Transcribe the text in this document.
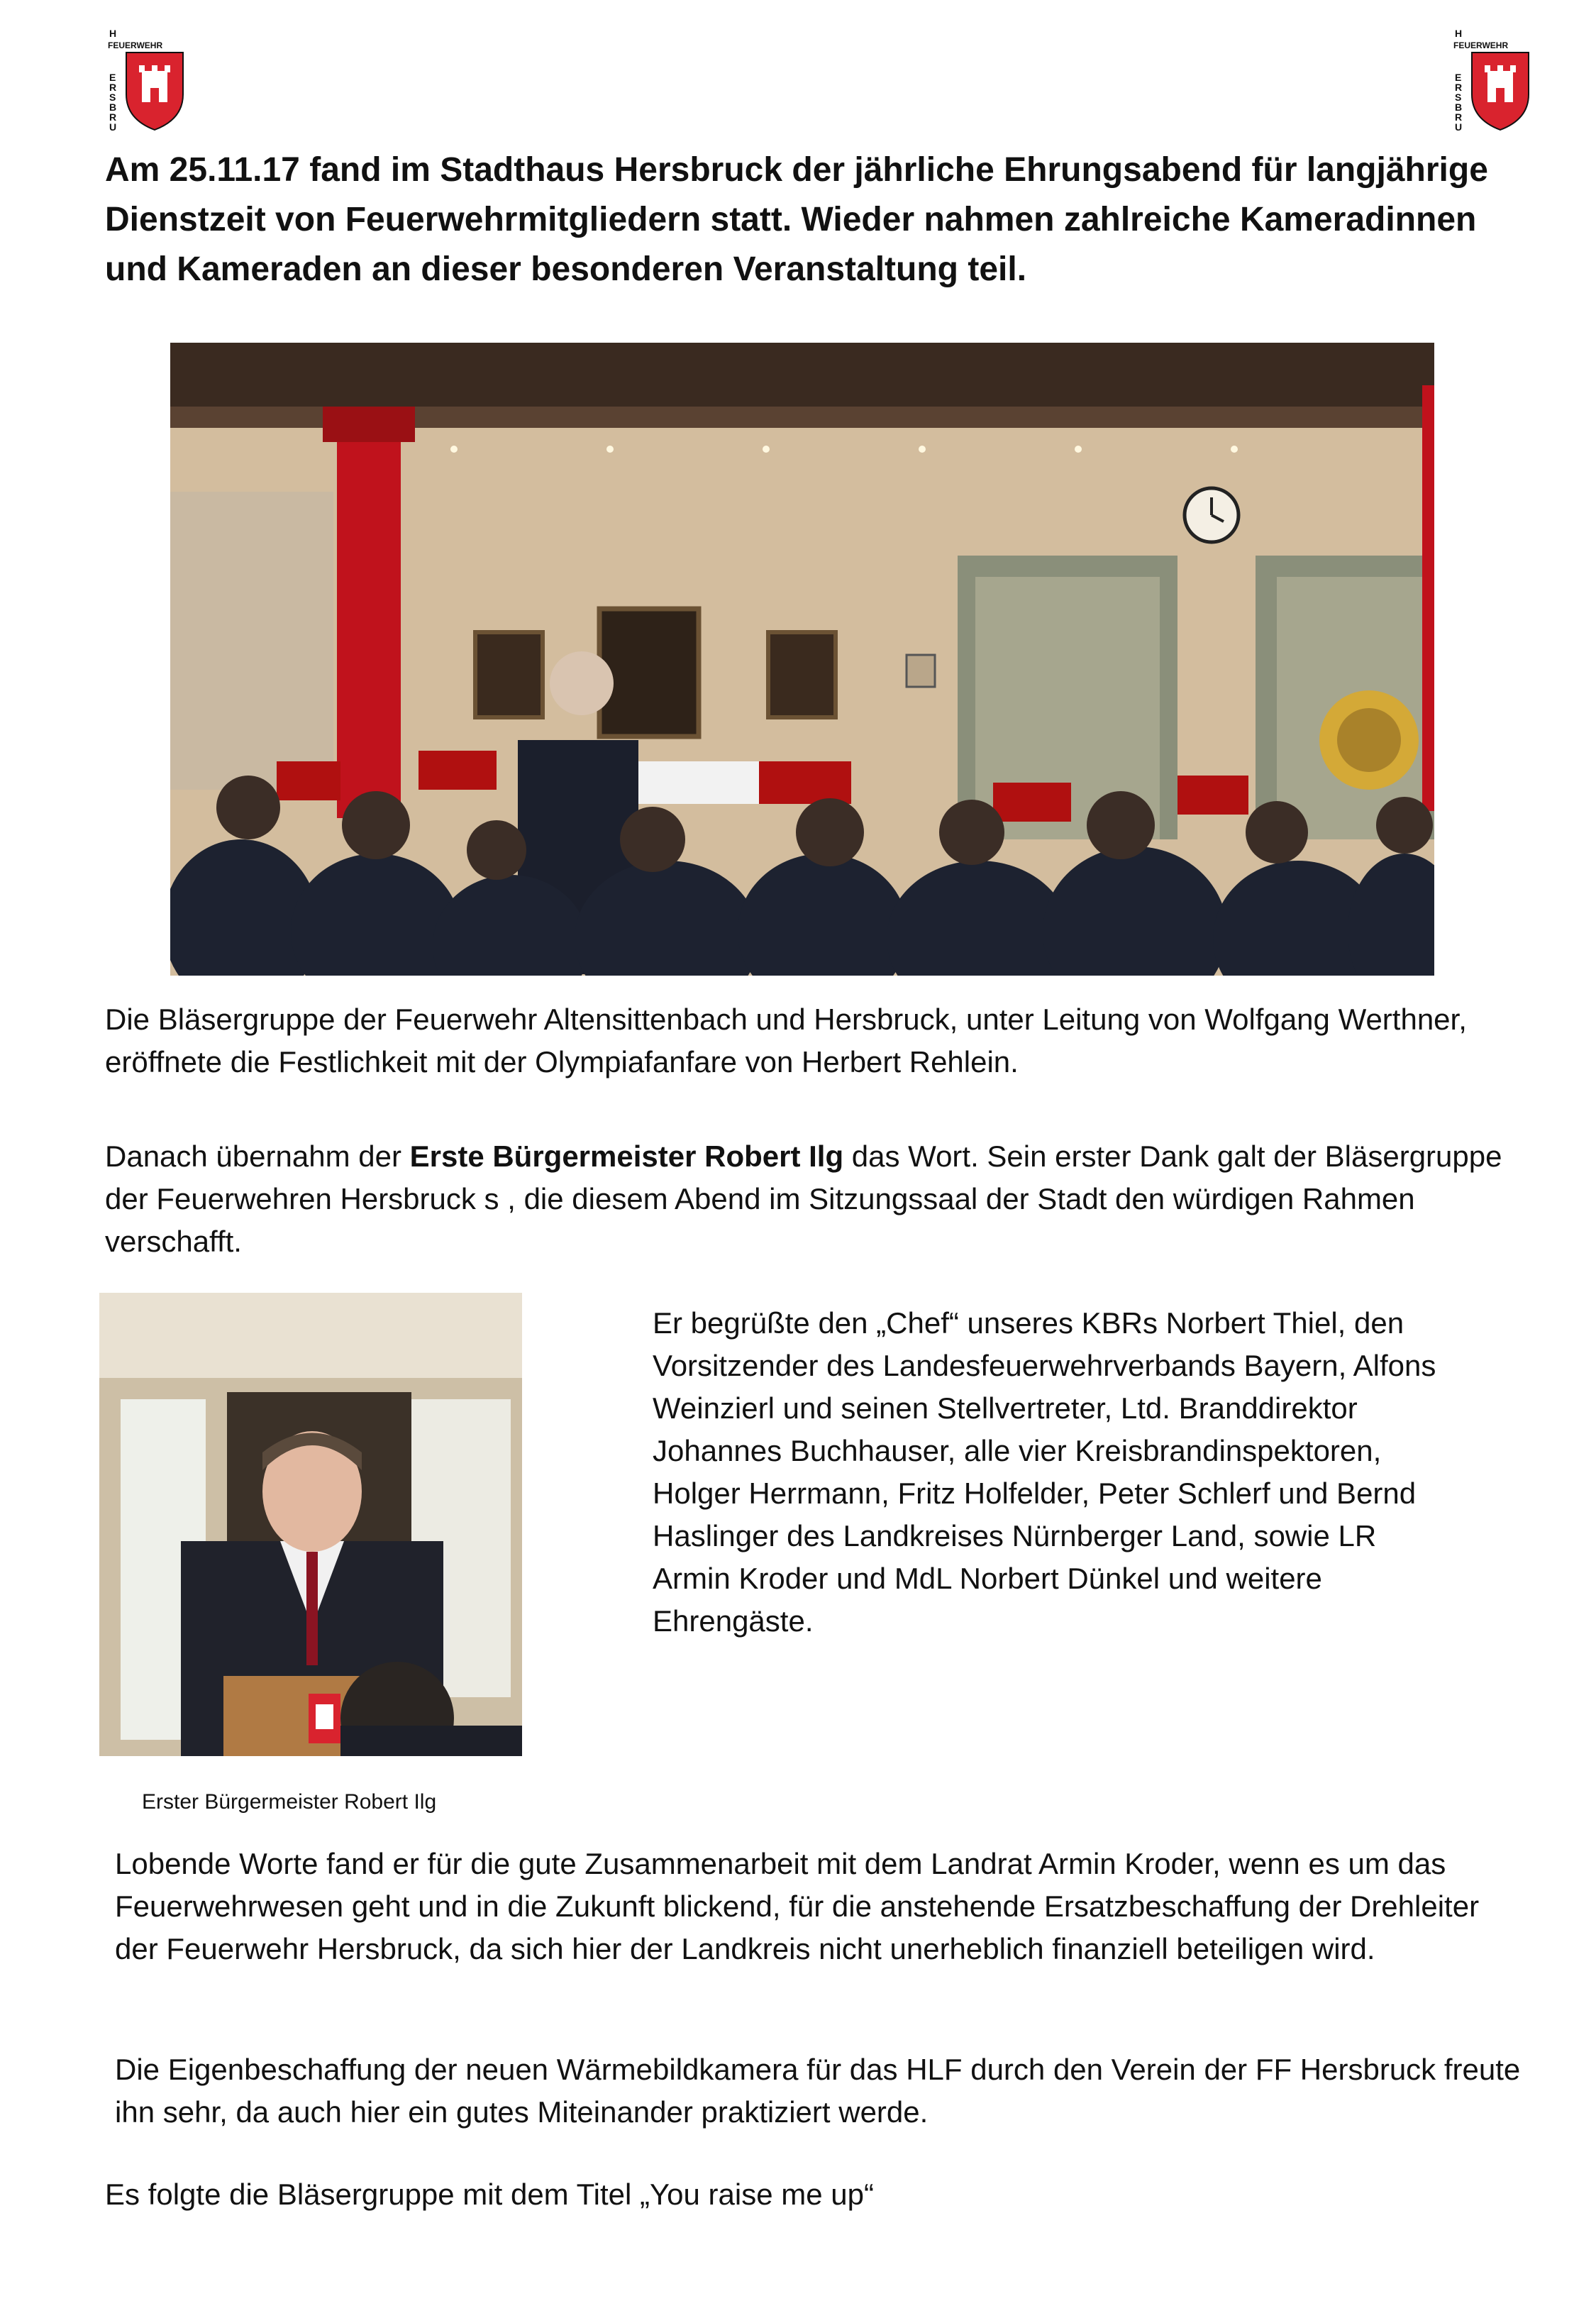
H
E
R
S
B
R
U
FEUERWEHR
H
E
R
S
B
R
U
FEUERWEHR
Am 25.11.17 fand im Stadthaus Hersbruck der jährliche Ehrungsabend für langjährige Dienstzeit von Feuerwehrmitgliedern statt. Wieder nahmen zahlreiche Kameradinnen und Kameraden an dieser besonderen Veranstaltung teil.

Die Bläsergruppe der Feuerwehr Altensittenbach und Hersbruck, unter Leitung von Wolfgang Werthner, eröffnete die Festlichkeit mit der Olympiafanfare von Herbert Rehlein.

Danach übernahm der Erste Bürgermeister Robert Ilg das Wort. Sein erster Dank galt der Bläsergruppe der Feuerwehren Hersbruck s , die diesem Abend im Sitzungssaal der Stadt den würdigen Rahmen verschafft.

Er begrüßte den „Chef“ unseres KBRs Norbert Thiel, den Vorsitzender des Landesfeuerwehrverbands Bayern, Alfons Weinzierl und seinen Stellvertreter, Ltd. Branddirektor Johannes Buchhauser, alle vier Kreisbrandinspektoren, Holger Herrmann, Fritz Holfelder, Peter Schlerf und Bernd Haslinger des Landkreises Nürnberger Land, sowie LR Armin Kroder und MdL Norbert Dünkel und weitere Ehrengäste.

Erster Bürgermeister Robert Ilg

Lobende Worte fand er für die gute Zusammenarbeit mit dem Landrat Armin Kroder, wenn es um das Feuerwehrwesen geht und in die Zukunft blickend, für die anstehende Ersatzbeschaffung der Drehleiter der Feuerwehr Hersbruck, da sich hier der Landkreis nicht unerheblich finanziell beteiligen wird.

Die Eigenbeschaffung der neuen Wärmebildkamera für das HLF durch den Verein der FF Hersbruck freute ihn sehr, da auch hier ein gutes Miteinander praktiziert werde.

Es folgte die Bläsergruppe mit dem Titel „You raise me up“
